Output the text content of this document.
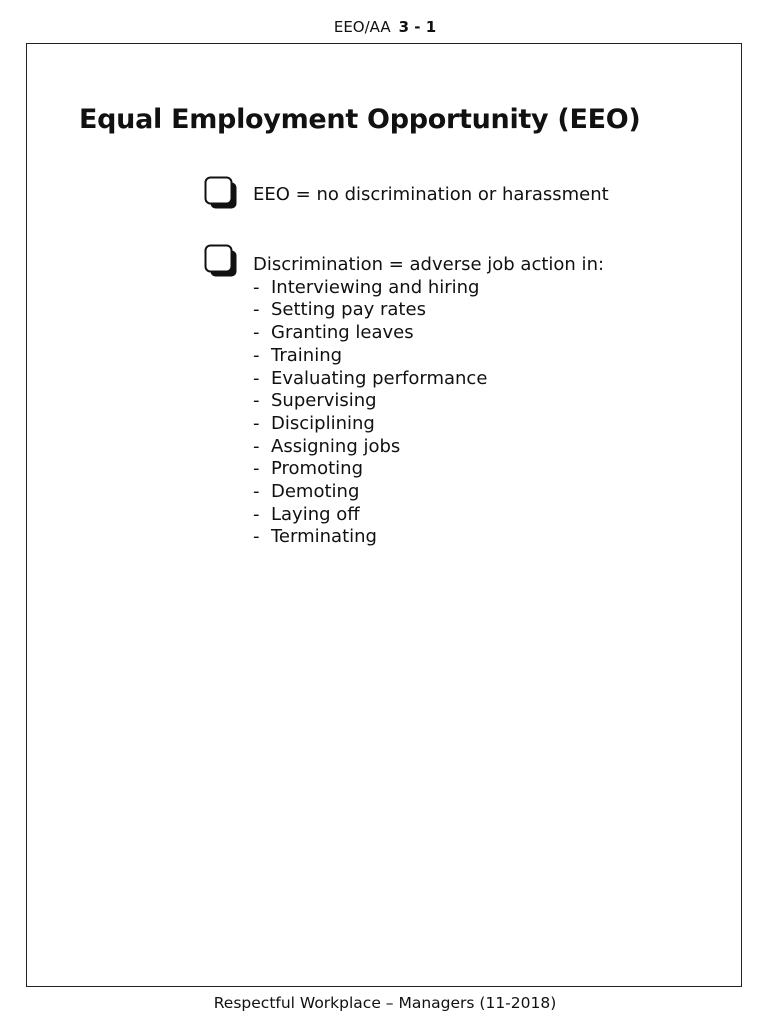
EEO/AA 3 - 1
Equal Employment Opportunity (EEO)
EEO = no discrimination or harassment
Discrimination = adverse job action in:
- Interviewing and hiring
- Setting pay rates
- Granting leaves
- Training
- Evaluating performance
- Supervising
- Disciplining
- Assigning jobs
- Promoting
- Demoting
- Laying off
- Terminating
Respectful Workplace – Managers (11-2018)
